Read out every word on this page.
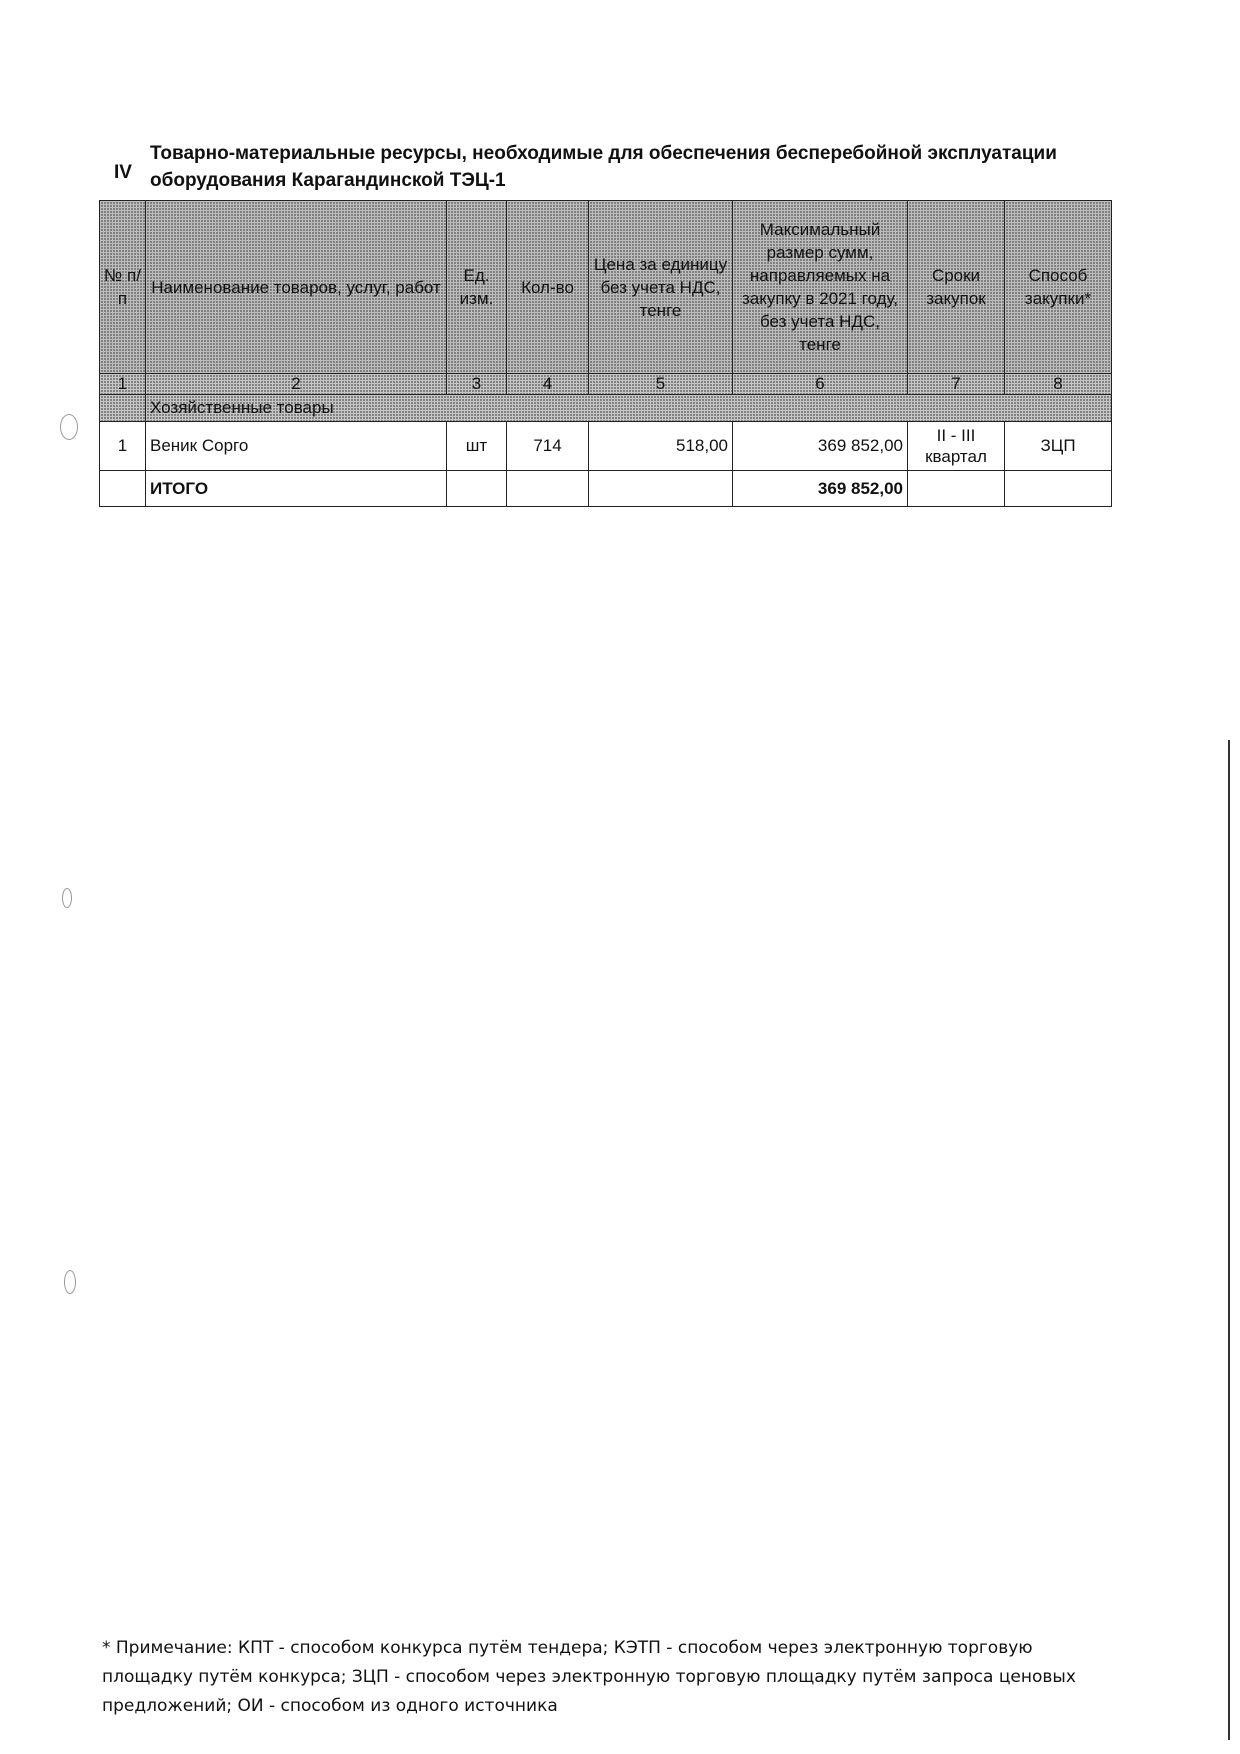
IV
Товарно-материальные ресурсы, необходимые для обеспечения бесперебойной эксплуатации оборудования Карагандинской ТЭЦ-1
№ п/п	Наименование товаров, услуг, работ	Ед. изм.	Кол-во	Цена за единицу без учета НДС, тенге	Максимальный размер сумм, направляемых на закупку в 2021 году, без учета НДС, тенге	Сроки закупок	Способ закупки*
1	2	3	4	5	6	7	8
	Хозяйственные товары						
1	Веник Сорго	шт	714	518,00	369 852,00	II - III квартал	ЗЦП
	ИТОГО				369 852,00		
* Примечание: КПТ - способом конкурса путём тендера; КЭТП - способом через электронную торговую площадку путём конкурса; ЗЦП - способом через электронную торговую площадку путём запроса ценовых предложений; ОИ - способом из одного источника
